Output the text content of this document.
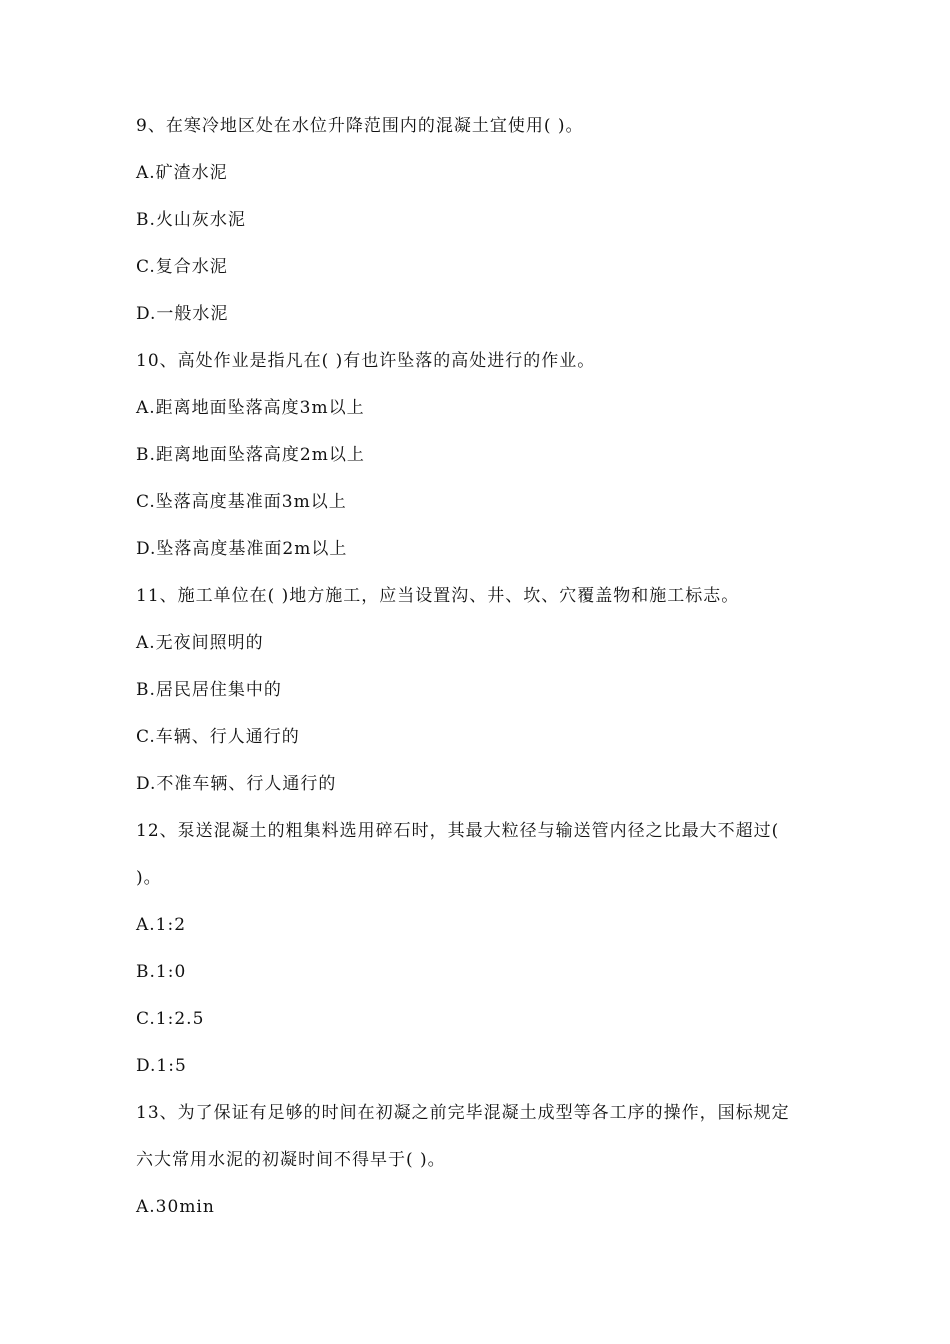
9、在寒冷地区处在水位升降范围内的混凝土宜使用( )。
A.矿渣水泥
B.火山灰水泥
C.复合水泥
D.一般水泥
10、高处作业是指凡在( )有也许坠落的高处进行的作业。
A.距离地面坠落高度3m以上
B.距离地面坠落高度2m以上
C.坠落高度基准面3m以上
D.坠落高度基准面2m以上
11、施工单位在( )地方施工，应当设置沟、井、坎、穴覆盖物和施工标志。
A.无夜间照明的
B.居民居住集中的
C.车辆、行人通行的
D.不准车辆、行人通行的
12、泵送混凝土的粗集料选用碎石时，其最大粒径与输送管内径之比最大不超过(
)。
A.1:2
B.1:0
C.1:2.5
D.1:5
13、为了保证有足够的时间在初凝之前完毕混凝土成型等各工序的操作，国标规定
六大常用水泥的初凝时间不得早于( )。
A.30min
